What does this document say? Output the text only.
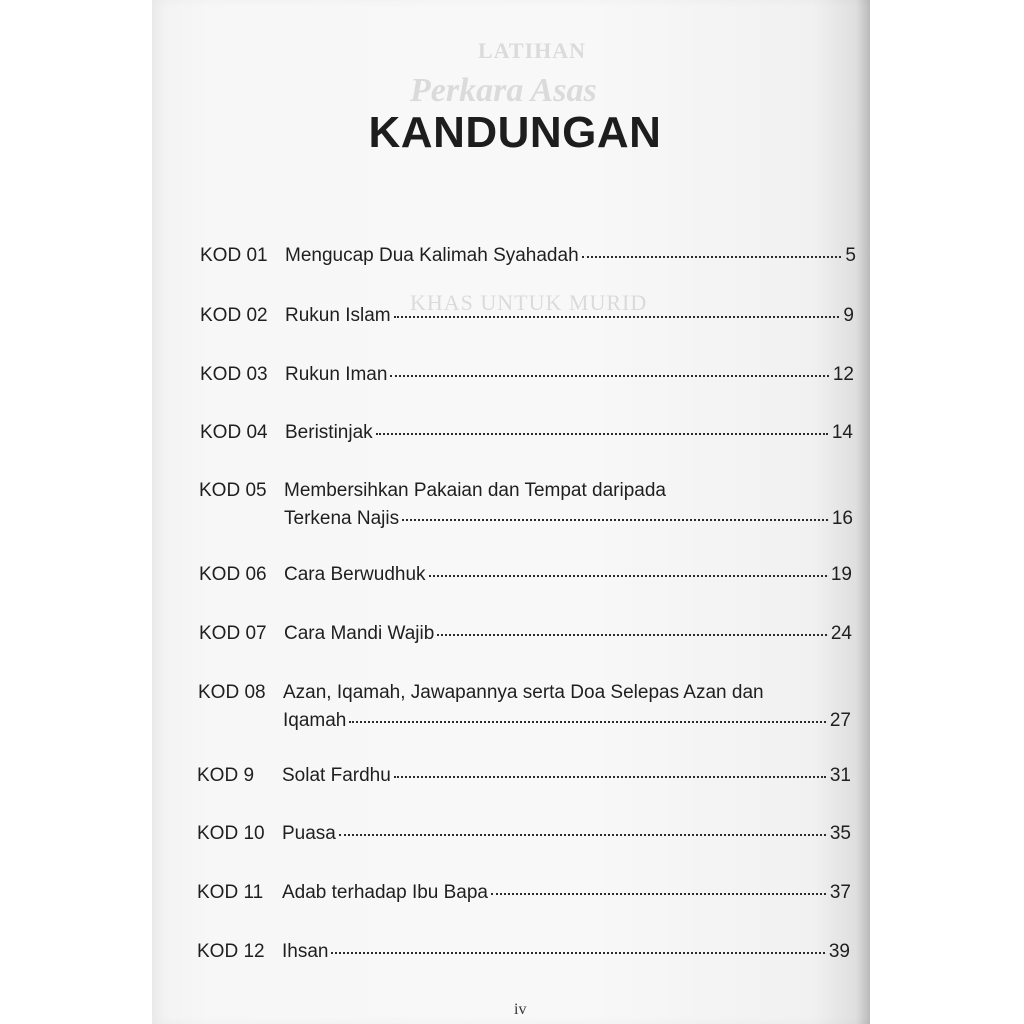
LATIHAN
Perkara Asas
KHAS UNTUK MURID
KANDUNGAN
KOD 01 Mengucap Dua Kalimah Syahadah	5
KOD 02 Rukun Islam	9
KOD 03 Rukun Iman	12
KOD 04 Beristinjak	14
KOD 05 Membersihkan Pakaian dan Tempat daripada
Terkena Najis	16
KOD 06 Cara Berwudhuk	19
KOD 07 Cara Mandi Wajib	24
KOD 08 Azan, Iqamah, Jawapannya serta Doa Selepas Azan dan
Iqamah	27
KOD 9 Solat Fardhu	31
KOD 10 Puasa	35
KOD 11 Adab terhadap Ibu Bapa	37
KOD 12 Ihsan	39
iv
